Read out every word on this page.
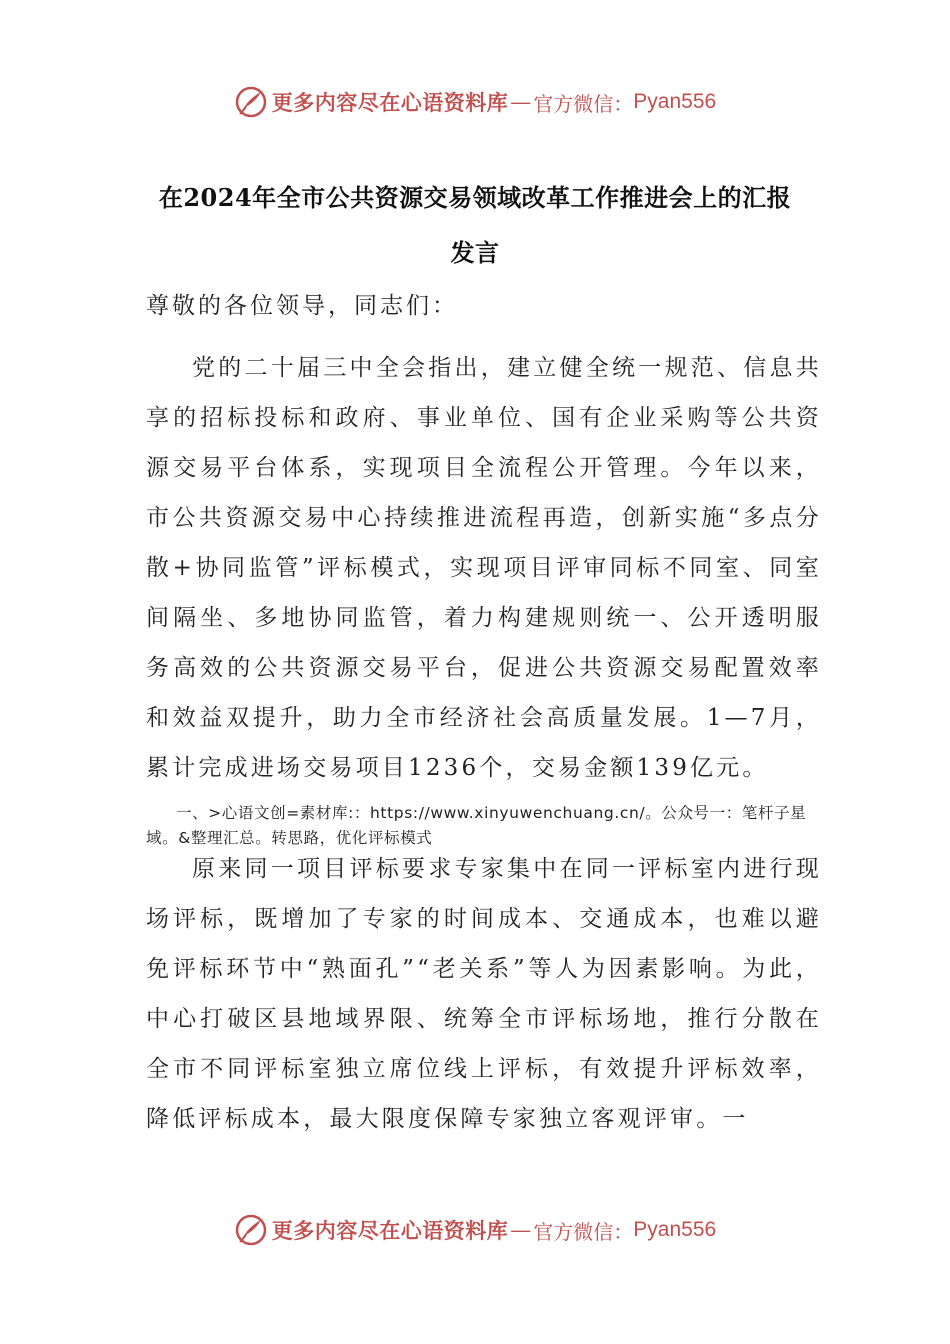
更多内容尽在心语资料库 — 官方微信： Pyan556
在2024年全市公共资源交易领域改革工作推进会上的汇报
发言
尊敬的各位领导，同志们：
党的二十届三中全会指出，建立健全统一规范、信息共享的招标投标和政府、事业单位、国有企业采购等公共资源交易平台体系，实现项目全流程公开管理。今年以来，市公共资源交易中心持续推进流程再造，创新实施“多点分散+协同监管”评标模式，实现项目评审同标不同室、同室间隔坐、多地协同监管，着力构建规则统一、公开透明服务高效的公共资源交易平台，促进公共资源交易配置效率和效益双提升，助力全市经济社会高质量发展。1—7月，累计完成进场交易项目1236个，交易金额139亿元。
一、>心语文创=素材库:：https://www.xinyuwenchuang.cn/。公众号一：笔杆子星域。&整理汇总。转思路，优化评标模式
原来同一项目评标要求专家集中在同一评标室内进行现场评标，既增加了专家的时间成本、交通成本，也难以避免评标环节中“熟面孔”“老关系”等人为因素影响。为此，中心打破区县地域界限、统筹全市评标场地，推行分散在全市不同评标室独立席位线上评标，有效提升评标效率，降低评标成本，最大限度保障专家独立客观评审。一
更多内容尽在心语资料库 — 官方微信： Pyan556
